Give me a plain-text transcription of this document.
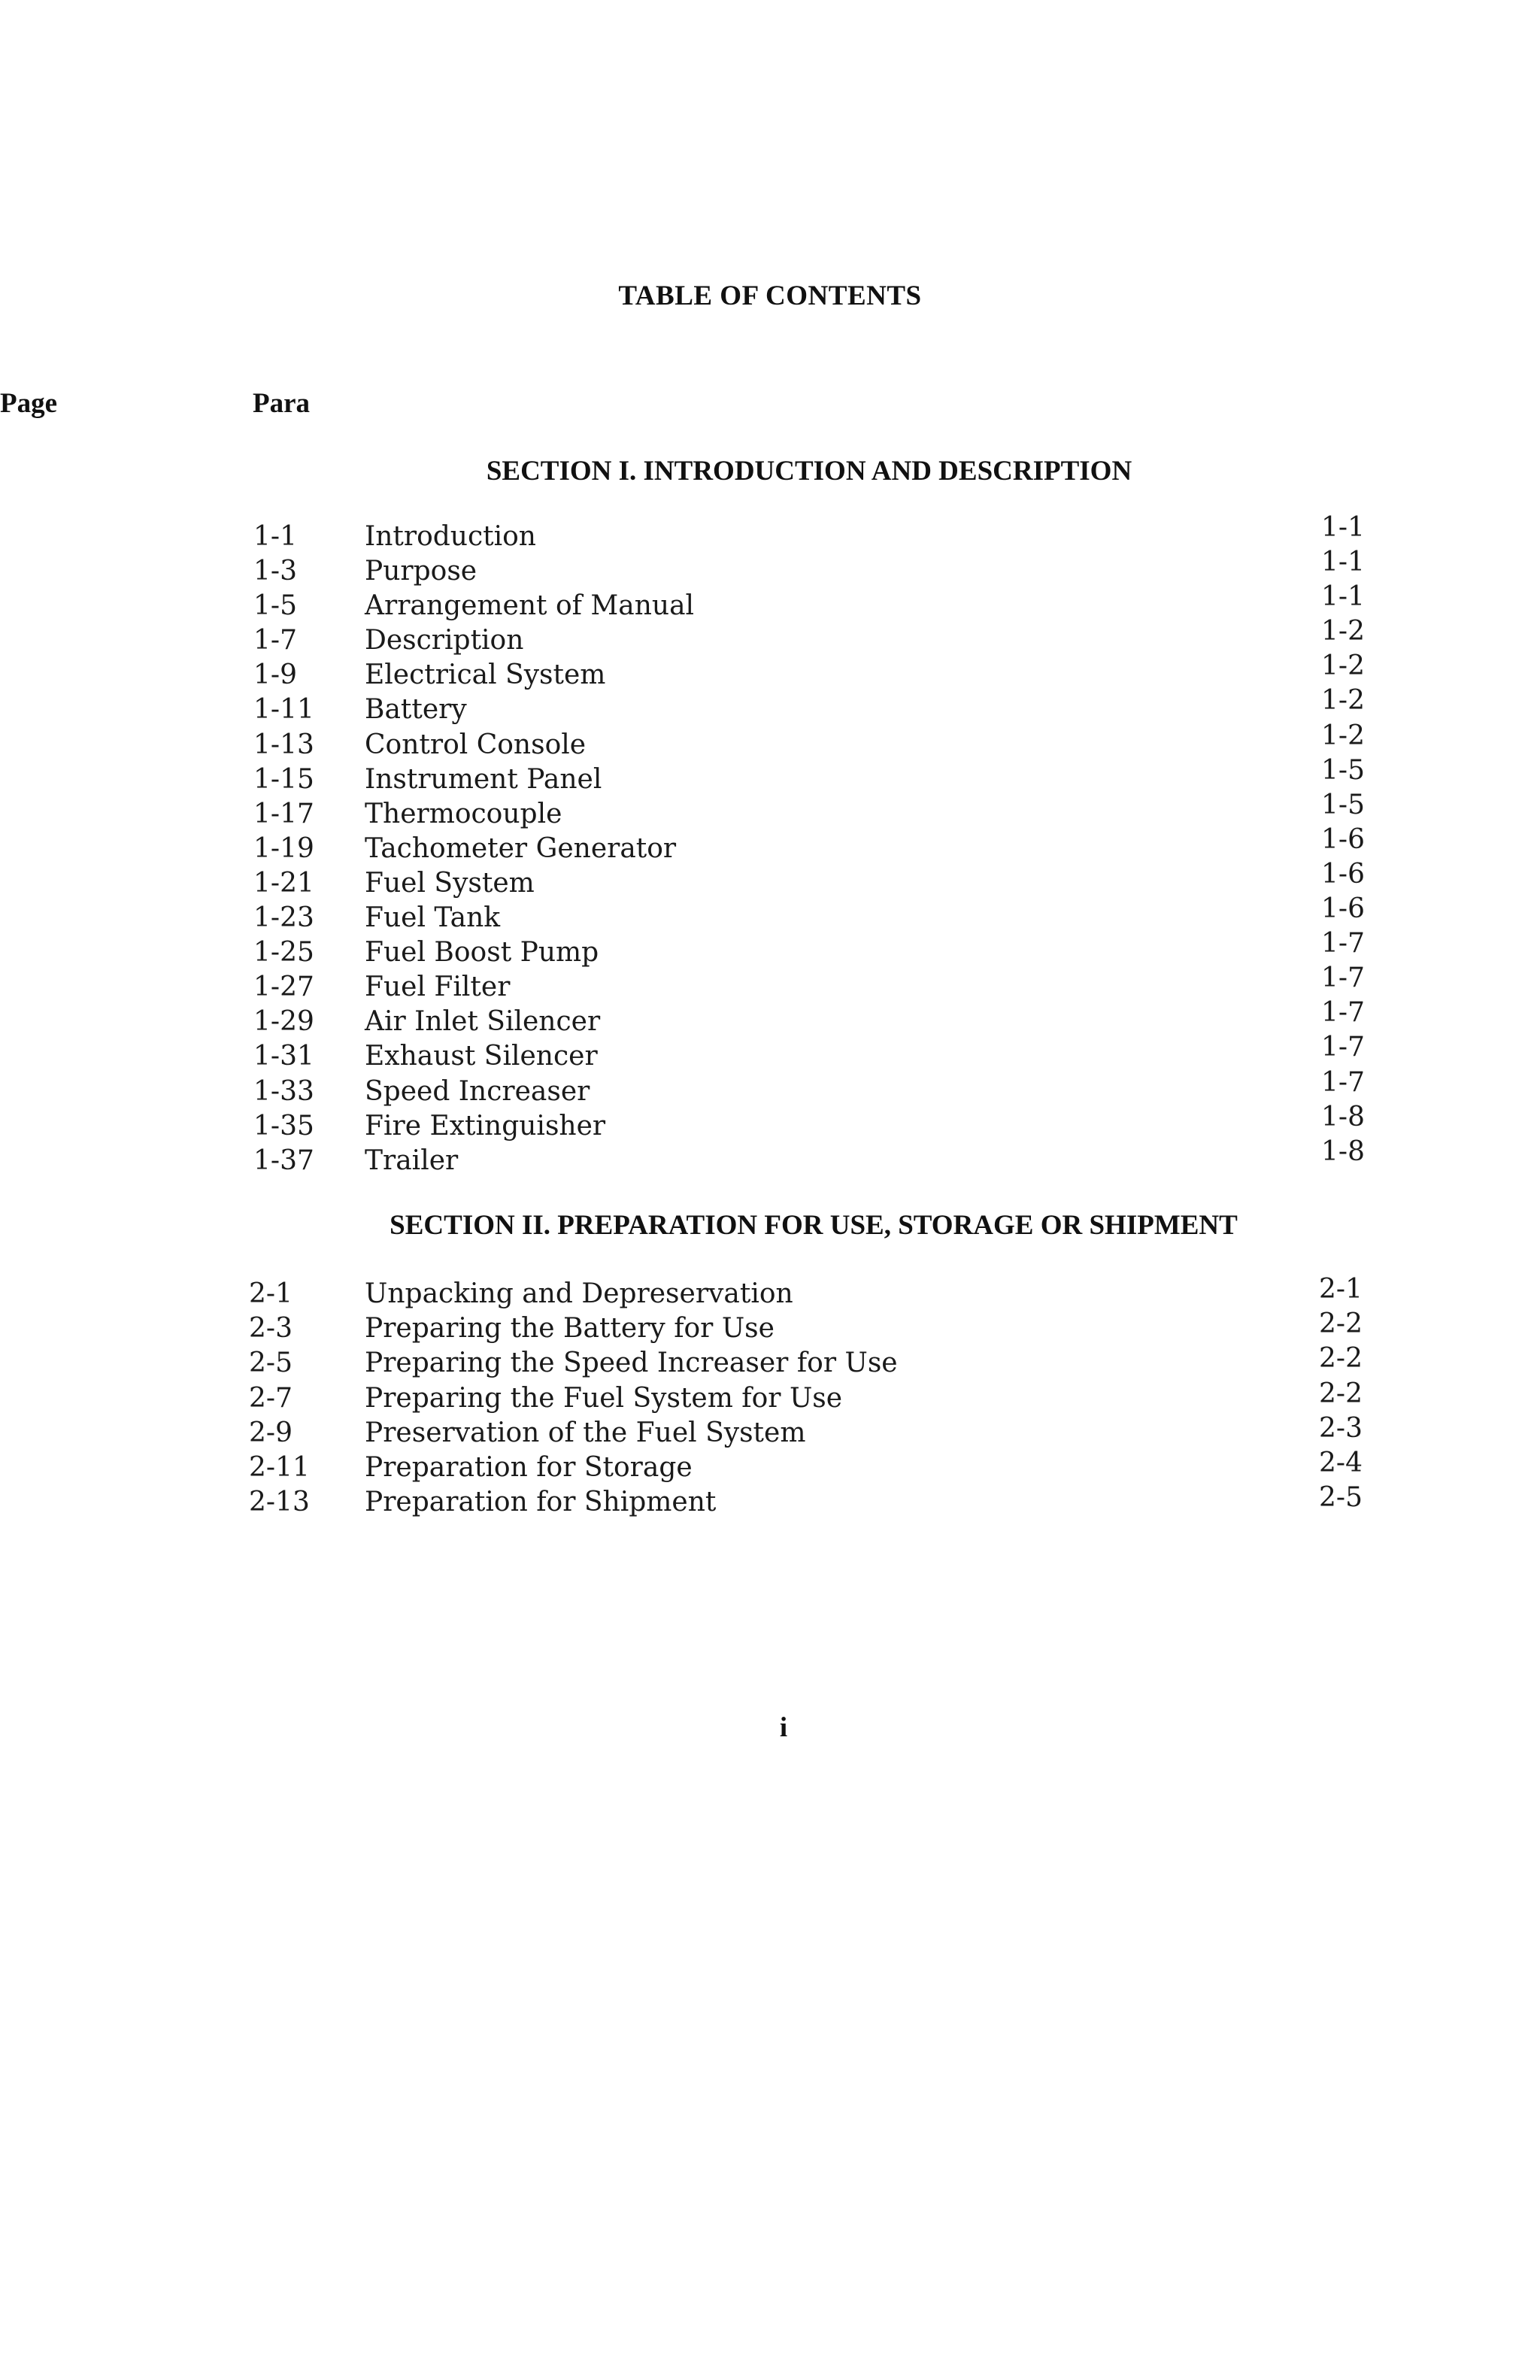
TABLE OF CONTENTS
Para
Page
SECTION I. INTRODUCTION AND DESCRIPTION
1-1	Introduction	1-1
1-3	Purpose	1-1
1-5	Arrangement of Manual	1-1
1-7	Description	1-2
1-9	Electrical System	1-2
1-11 Battery	1-2
1-13 Control Console	1-2
1-15 Instrument Panel	1-5
1-17 Thermocouple	1-5
1-19 Tachometer Generator	1-6
1-21 Fuel System	1-6
1-23 Fuel Tank	1-6
1-25 Fuel Boost Pump	1-7
1-27 Fuel Filter	1-7
1-29 Air Inlet Silencer	1-7
1-31 Exhaust Silencer	1-7
1-33 Speed Increaser	1-7
1-35 Fire Extinguisher	1-8
1-37 Trailer	1-8
SECTION II. PREPARATION FOR USE, STORAGE OR SHIPMENT
2-1	Unpacking and Depreservation	2-1
2-3	Preparing the Battery for Use	2-2
2-5	Preparing the Speed Increaser for Use	2-2
2-7	Preparing the Fuel System for Use	2-2
2-9	Preservation of the Fuel System	2-3
2-11 Preparation for Storage	2-4
2-13 Preparation for Shipment	2-5
i
